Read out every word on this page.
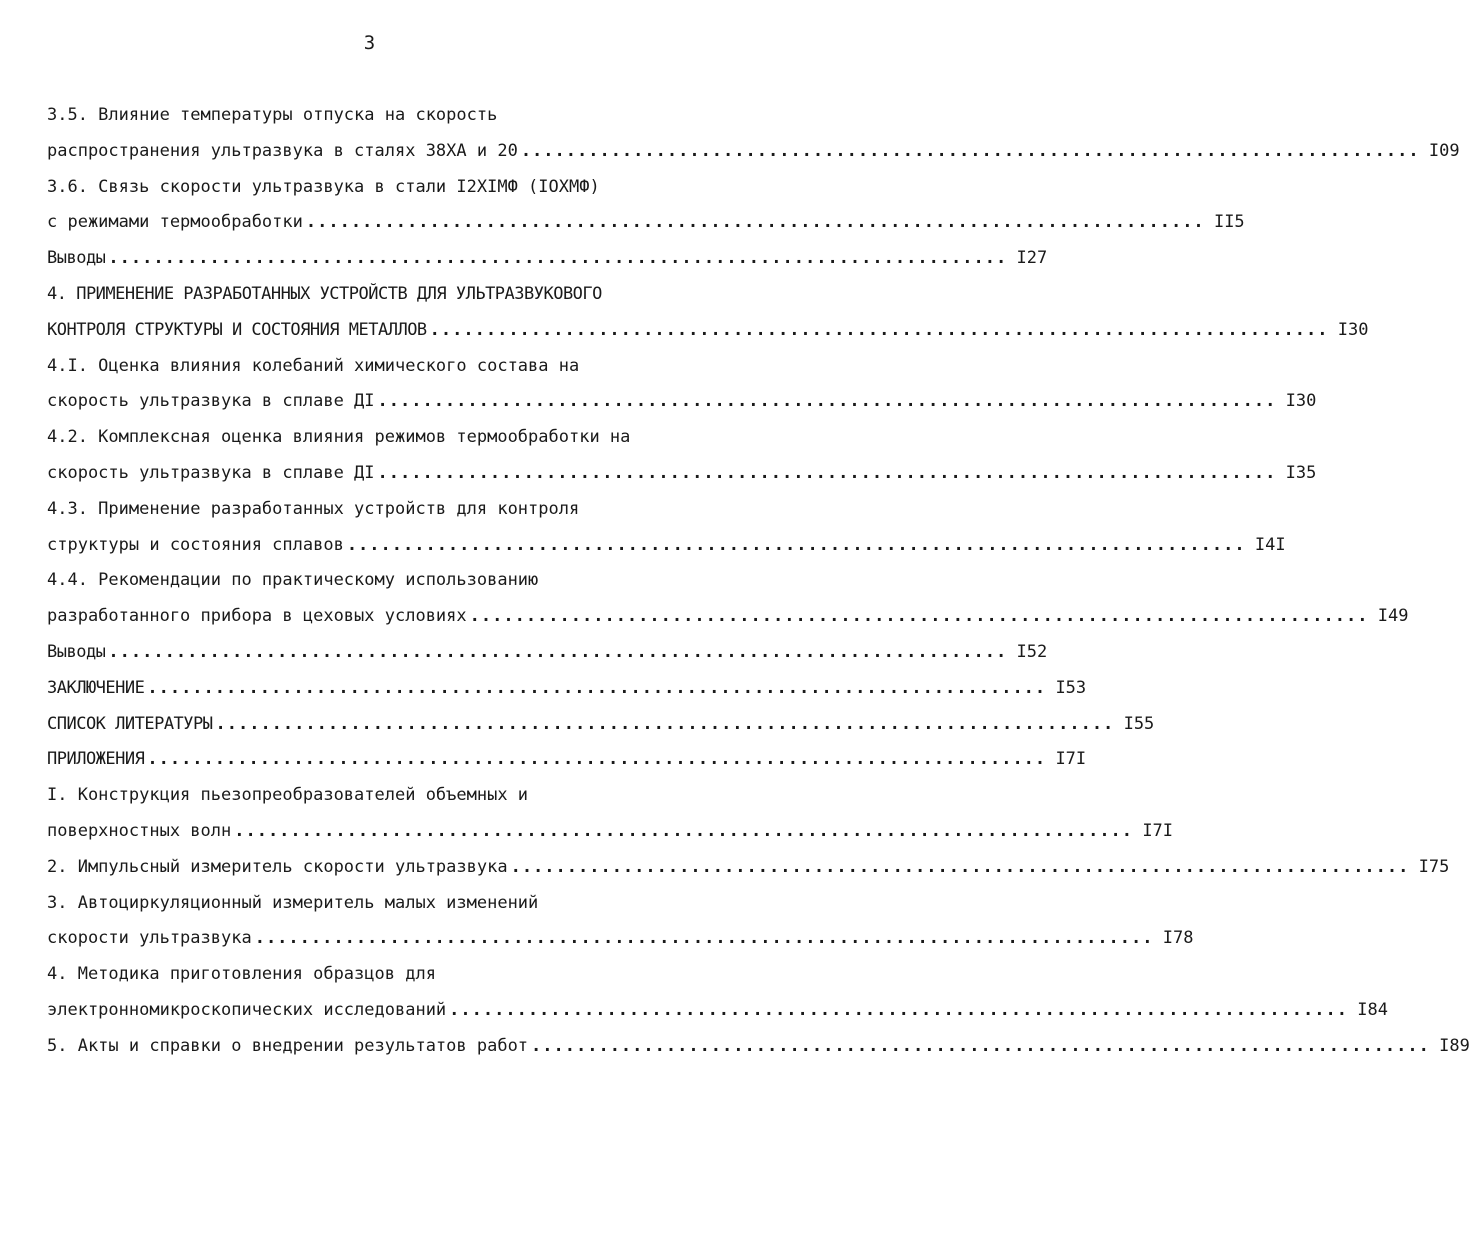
3
3.5. Влияние температуры отпуска на скорость
распространения ультразвука в сталях 38ХА и 20 ................................................................................ I09
3.6. Связь скорости ультразвука в стали I2XIMФ (IOXMФ)
с режимами термообработки ................................................................................ II5
Выводы ................................................................................ I27
4. ПРИМЕНЕНИЕ РАЗРАБОТАННЫХ УСТРОЙСТВ ДЛЯ УЛЬТРАЗВУКОВОГО
КОНТРОЛЯ СТРУКТУРЫ И СОСТОЯНИЯ МЕТАЛЛОВ ................................................................................ I30
4.I. Оценка влияния колебаний химического состава на
скорость ультразвука в сплаве ДI ................................................................................ I30
4.2. Комплексная оценка влияния режимов термообработки на
скорость ультразвука в сплаве ДI ................................................................................ I35
4.3. Применение разработанных устройств для контроля
структуры и состояния сплавов ................................................................................ I4I
4.4. Рекомендации по практическому использованию
разработанного прибора в цеховых условиях ................................................................................ I49
Выводы ................................................................................ I52
ЗАКЛЮЧЕНИЕ ................................................................................ I53
СПИСОК ЛИТЕРАТУРЫ ................................................................................ I55
ПРИЛОЖЕНИЯ ................................................................................ I7I
I. Конструкция пьезопреобразователей объемных и
поверхностных волн ................................................................................ I7I
2. Импульсный измеритель скорости ультразвука ................................................................................ I75
3. Автоциркуляционный измеритель малых изменений
скорости ультразвука ................................................................................ I78
4. Методика приготовления образцов для
электронномикроскопических исследований ................................................................................ I84
5. Акты и справки о внедрении результатов работ ................................................................................ I89
